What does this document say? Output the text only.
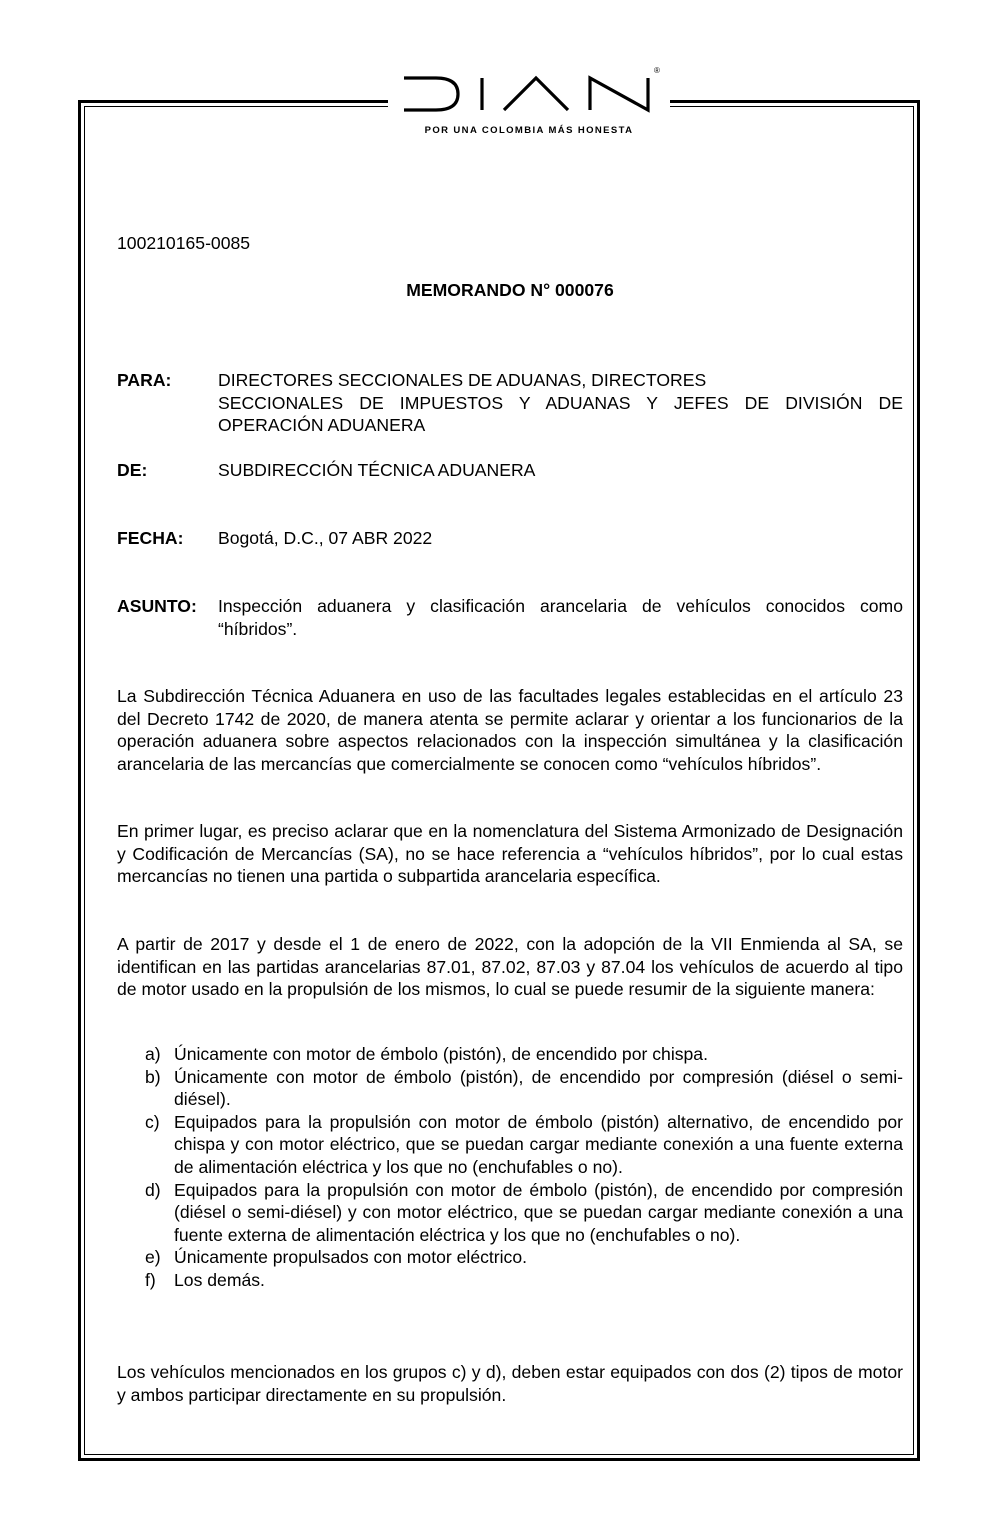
®
POR UNA COLOMBIA MÁS HONESTA
100210165-0085
MEMORANDO N° 000076
PARA:	DIRECTORES SECCIONALES DE ADUANAS, DIRECTORES
SECCIONALES DE IMPUESTOS Y ADUANAS Y JEFES DE DIVISIÓN DE OPERACIÓN ADUANERA
DE:	SUBDIRECCIÓN TÉCNICA ADUANERA
FECHA: Bogotá, D.C., 07 ABR 2022
ASUNTO: Inspección aduanera y clasificación arancelaria de vehículos conocidos como “híbridos”.

La Subdirección Técnica Aduanera en uso de las facultades legales establecidas en el artículo 23 del Decreto 1742 de 2020, de manera atenta se permite aclarar y orientar a los funcionarios de la operación aduanera sobre aspectos relacionados con la inspección simultánea y la clasificación arancelaria de las mercancías que comercialmente se conocen como “vehículos híbridos”.

En primer lugar, es preciso aclarar que en la nomenclatura del Sistema Armonizado de Designación y Codificación de Mercancías (SA), no se hace referencia a “vehículos híbridos”, por lo cual estas mercancías no tienen una partida o subpartida arancelaria específica.

A partir de 2017 y desde el 1 de enero de 2022, con la adopción de la VII Enmienda al SA, se identifican en las partidas arancelarias 87.01, 87.02, 87.03 y 87.04 los vehículos de acuerdo al tipo de motor usado en la propulsión de los mismos, lo cual se puede resumir de la siguiente manera:

a) Únicamente con motor de émbolo (pistón), de encendido por chispa.
b) Únicamente con motor de émbolo (pistón), de encendido por compresión (diésel o semi-diésel).
c) Equipados para la propulsión con motor de émbolo (pistón) alternativo, de encendido por chispa y con motor eléctrico, que se puedan cargar mediante conexión a una fuente externa de alimentación eléctrica y los que no (enchufables o no).
d) Equipados para la propulsión con motor de émbolo (pistón), de encendido por compresión (diésel o semi-diésel) y con motor eléctrico, que se puedan cargar mediante conexión a una fuente externa de alimentación eléctrica y los que no (enchufables o no).
e) Únicamente propulsados con motor eléctrico.
f) Los demás.

Los vehículos mencionados en los grupos c) y d), deben estar equipados con dos (2) tipos de motor y ambos participar directamente en su propulsión.
